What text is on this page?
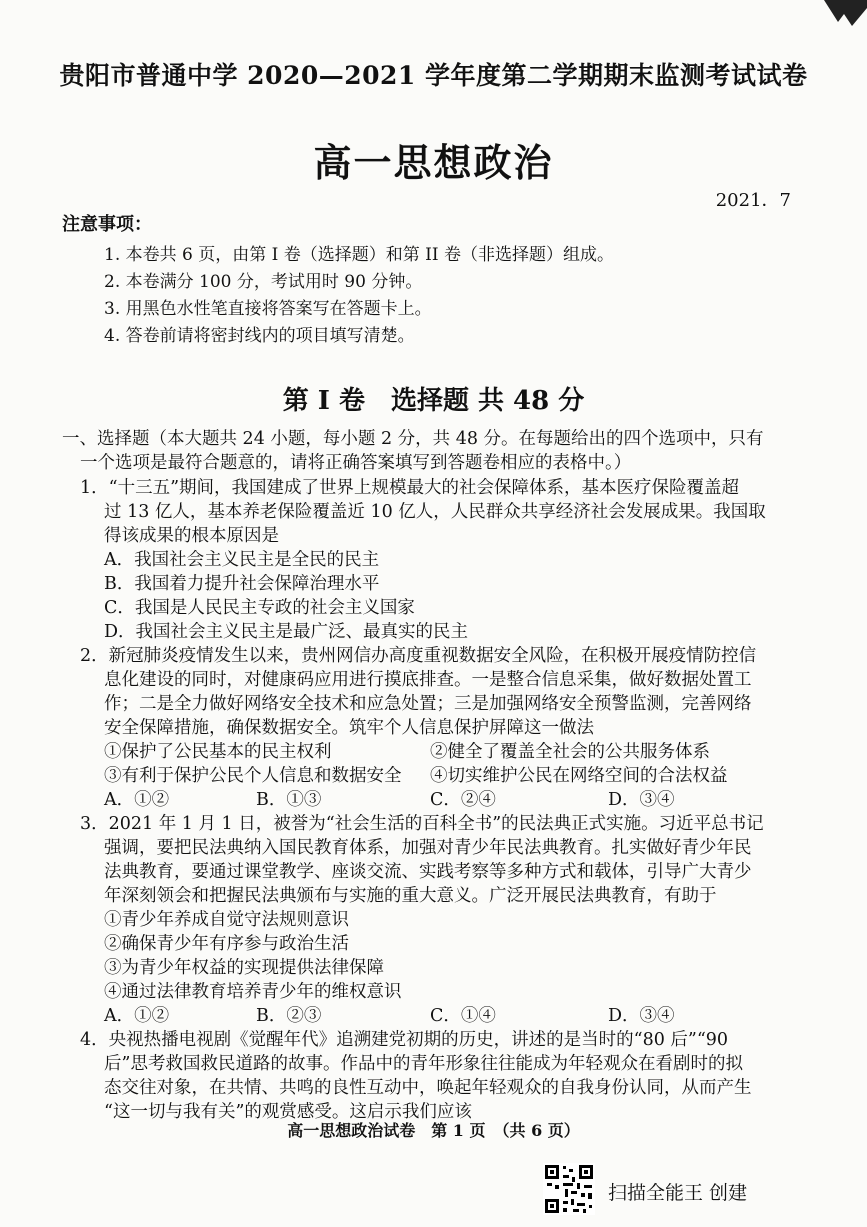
贵阳市普通中学 2020—2021 学年度第二学期期末监测考试试卷
高一思想政治
2021．7
注意事项：
1. 本卷共 6 页，由第 I 卷（选择题）和第 II 卷（非选择题）组成。
2. 本卷满分 100 分，考试用时 90 分钟。
3. 用黑色水性笔直接将答案写在答题卡上。
4. 答卷前请将密封线内的项目填写清楚。
第 I 卷　选择题 共 48 分
一、选择题（本大题共 24 小题，每小题 2 分，共 48 分。在每题给出的四个选项中，只有
一个选项是最符合题意的，请将正确答案填写到答题卷相应的表格中。）
1．“十三五”期间，我国建成了世界上规模最大的社会保障体系，基本医疗保险覆盖超
过 13 亿人，基本养老保险覆盖近 10 亿人，人民群众共享经济社会发展成果。我国取
得该成果的根本原因是
A．我国社会主义民主是全民的民主
B．我国着力提升社会保障治理水平
C．我国是人民民主专政的社会主义国家
D．我国社会主义民主是最广泛、最真实的民主
2．新冠肺炎疫情发生以来，贵州网信办高度重视数据安全风险，在积极开展疫情防控信
息化建设的同时，对健康码应用进行摸底排查。一是整合信息采集，做好数据处置工
作；二是全力做好网络安全技术和应急处置；三是加强网络安全预警监测，完善网络
安全保障措施，确保数据安全。筑牢个人信息保护屏障这一做法
①保护了公民基本的民主权利	②健全了覆盖全社会的公共服务体系
③有利于保护公民个人信息和数据安全 ④切实维护公民在网络空间的合法权益
A．①②	B．①③	C．②④	D．③④
3．2021 年 1 月 1 日，被誉为“社会生活的百科全书”的民法典正式实施。习近平总书记
强调，要把民法典纳入国民教育体系，加强对青少年民法典教育。扎实做好青少年民
法典教育，要通过课堂教学、座谈交流、实践考察等多种方式和载体，引导广大青少
年深刻领会和把握民法典颁布与实施的重大意义。广泛开展民法典教育，有助于
①青少年养成自觉守法规则意识
②确保青少年有序参与政治生活
③为青少年权益的实现提供法律保障
④通过法律教育培养青少年的维权意识
A．①②	B．②③	C．①④	D．③④
4．央视热播电视剧《觉醒年代》追溯建党初期的历史，讲述的是当时的“80 后”“90
后”思考救国救民道路的故事。作品中的青年形象往往能成为年轻观众在看剧时的拟
态交往对象，在共情、共鸣的良性互动中，唤起年轻观众的自我身份认同，从而产生
“这一切与我有关”的观赏感受。这启示我们应该
高一思想政治试卷　第 1 页　（共 6 页）
扫描全能王 创建
